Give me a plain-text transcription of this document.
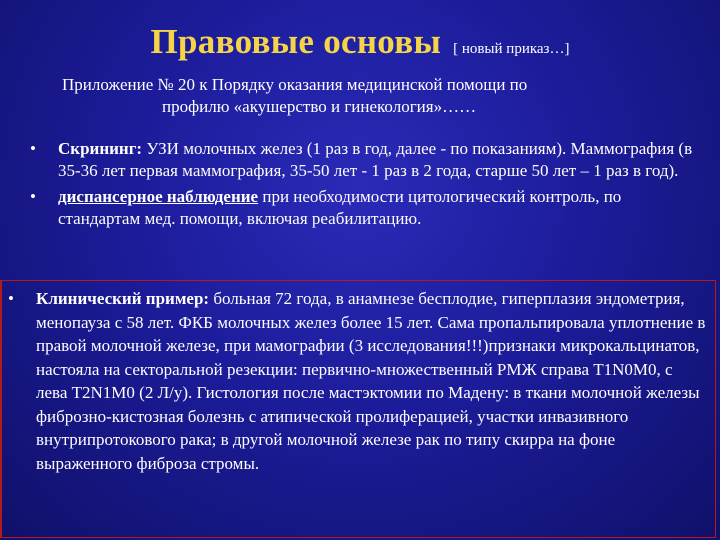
Правовые основы [ новый приказ…]
Приложение № 20 к Порядку оказания медицинской помощи по
профилю «акушерство и гинекология»……
• Скрининг: УЗИ молочных желез (1 раз в год, далее - по показаниям). Маммография (в 35-36 лет первая маммография, 35-50 лет - 1 раз в 2 года, старше 50 лет – 1 раз в год).
• диспансерное наблюдение при необходимости цитологический контроль, по стандартам мед. помощи, включая реабилитацию.
• Клинический пример: больная 72 года, в анамнезе бесплодие, гиперплазия эндометрия, менопауза с 58 лет. ФКБ молочных желез более 15 лет. Сама пропальпировала уплотнение в правой молочной железе, при мамографии (3 исследования!!!)признаки микрокальцинатов, настояла на секторальной резекции: первично-множественный РМЖ справа T1N0M0, с лева T2N1M0 (2 Л/у). Гистология после мастэктомии по Мадену: в ткани молочной железы фиброзно-кистозная болезнь с атипической пролиферацией, участки инвазивного внутрипротокового рака; в другой молочной железе рак по типу скирра на фоне выраженного фиброза стромы.
